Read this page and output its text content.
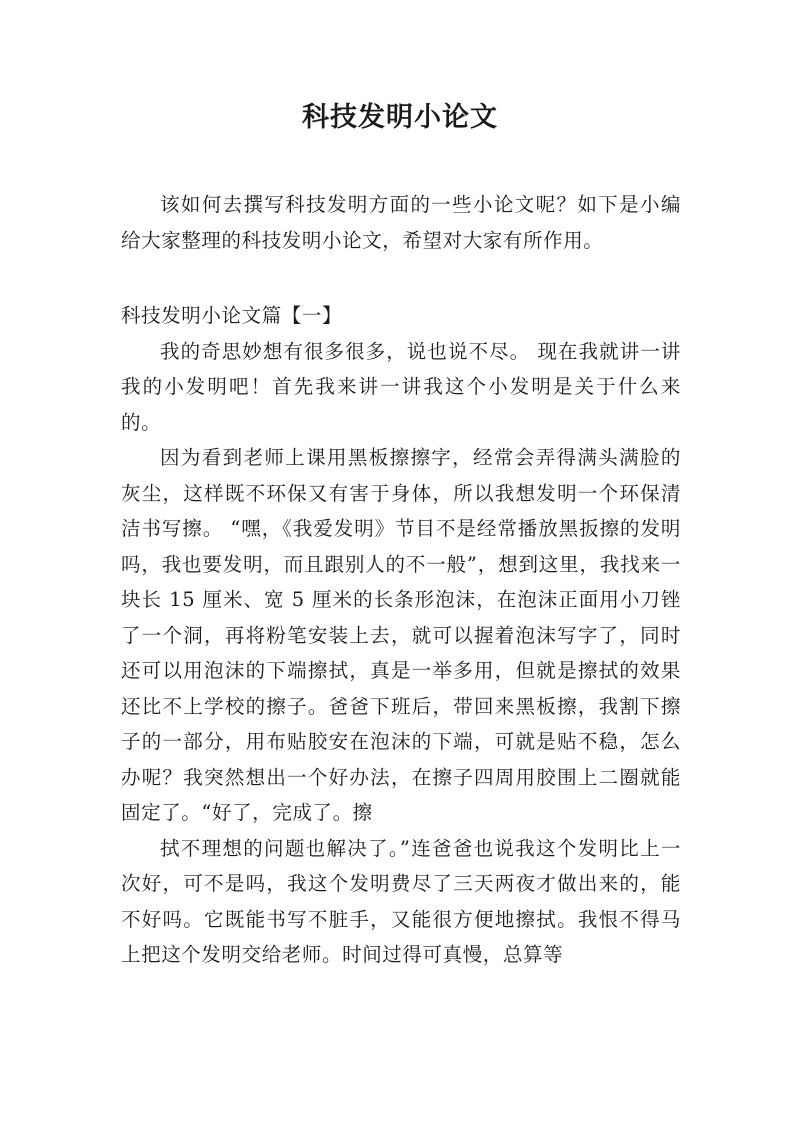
科技发明小论文

该如何去撰写科技发明方面的一些小论文呢？如下是小编给大家整理的科技发明小论文，希望对大家有所作用。

科技发明小论文篇【一】

我的奇思妙想有很多很多，说也说不尽。 现在我就讲一讲我的小发明吧！首先我来讲一讲我这个小发明是关于什么来的。

因为看到老师上课用黑板擦擦字，经常会弄得满头满脸的灰尘，这样既不环保又有害于身体，所以我想发明一个环保清洁书写擦。 “嘿，《我爱发明》节目不是经常播放黑扳擦的发明吗，我也要发明，而且跟别人的不一般”，想到这里，我找来一块长 15 厘米、宽 5 厘米的长条形泡沫，在泡沫正面用小刀锉了一个洞，再将粉笔安装上去，就可以握着泡沫写字了，同时还可以用泡沫的下端擦拭，真是一举多用，但就是擦拭的效果还比不上学校的擦子。爸爸下班后，带回来黑板擦，我割下擦子的一部分，用布贴胶安在泡沫的下端，可就是贴不稳，怎么办呢？我突然想出一个好办法，在擦子四周用胶围上二圈就能固定了。“好了，完成了。擦

拭不理想的问题也解决了。”连爸爸也说我这个发明比上一次好，可不是吗，我这个发明费尽了三天两夜才做出来的，能不好吗。它既能书写不脏手，又能很方便地擦拭。我恨不得马上把这个发明交给老师。时间过得可真慢，总算等
